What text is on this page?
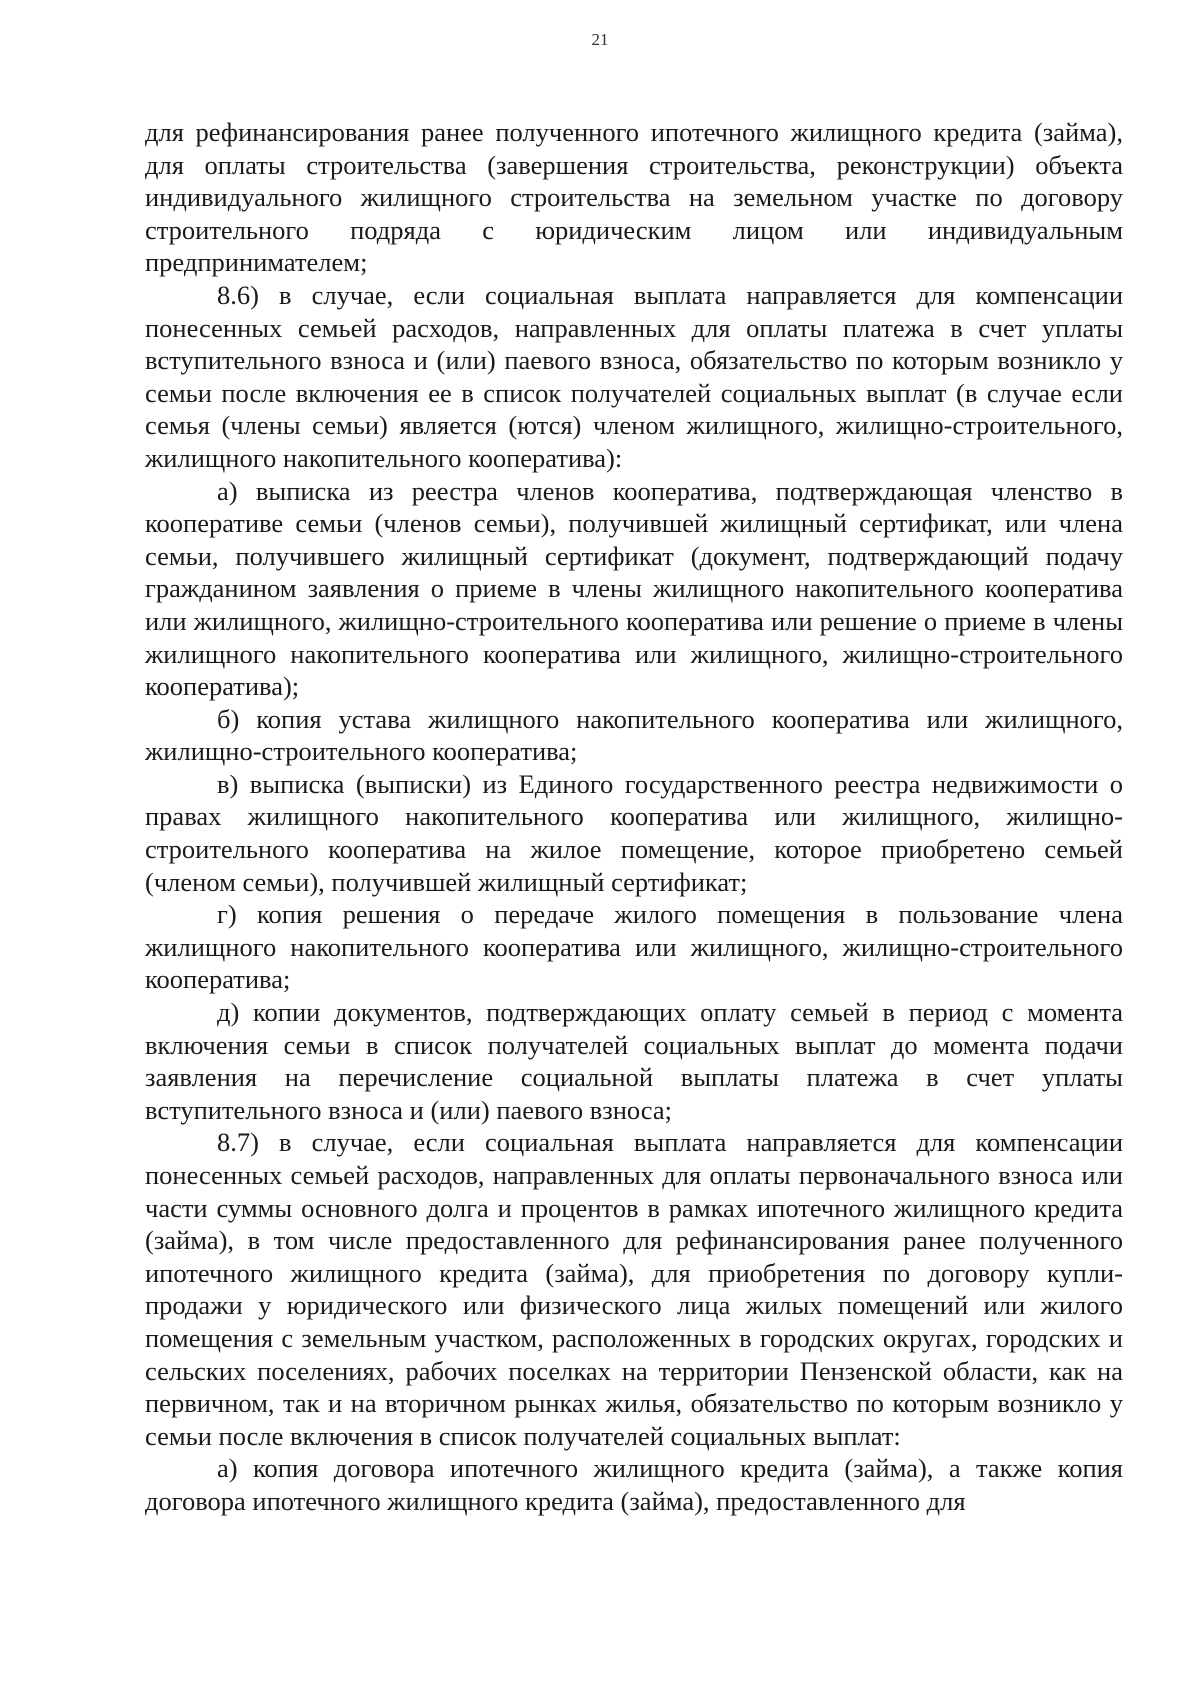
21

для рефинансирования ранее полученного ипотечного жилищного кредита (займа), для оплаты строительства (завершения строительства, реконструкции) объекта индивидуального жилищного строительства на земельном участке по договору строительного подряда с юридическим лицом или индивидуальным предпринимателем;

8.6) в случае, если социальная выплата направляется для компенсации понесенных семьей расходов, направленных для оплаты платежа в счет уплаты вступительного взноса и (или) паевого взноса, обязательство по которым возникло у семьи после включения ее в список получателей социальных выплат (в случае если семья (члены семьи) является (ются) членом жилищного, жилищно-строительного, жилищного накопительного кооператива):

а) выписка из реестра членов кооператива, подтверждающая членство в кооперативе семьи (членов семьи), получившей жилищный сертификат, или члена семьи, получившего жилищный сертификат (документ, подтверждающий подачу гражданином заявления о приеме в члены жилищного накопительного кооператива или жилищного, жилищно-строительного кооператива или решение о приеме в члены жилищного накопительного кооператива или жилищного, жилищно-строительного кооператива);

б) копия устава жилищного накопительного кооператива или жилищного, жилищно-строительного кооператива;

в) выписка (выписки) из Единого государственного реестра недвижимости о правах жилищного накопительного кооператива или жилищного, жилищно-строительного кооператива на жилое помещение, которое приобретено семьей (членом семьи), получившей жилищный сертификат;

г) копия решения о передаче жилого помещения в пользование члена жилищного накопительного кооператива или жилищного, жилищно-строительного кооператива;

д) копии документов, подтверждающих оплату семьей в период с момента включения семьи в список получателей социальных выплат до момента подачи заявления на перечисление социальной выплаты платежа в счет уплаты вступительного взноса и (или) паевого взноса;

8.7) в случае, если социальная выплата направляется для компенсации понесенных семьей расходов, направленных для оплаты первоначального взноса или части суммы основного долга и процентов в рамках ипотечного жилищного кредита (займа), в том числе предоставленного для рефинансирования ранее полученного ипотечного жилищного кредита (займа), для приобретения по договору купли-продажи у юридического или физического лица жилых помещений или жилого помещения с земельным участком, расположенных в городских округах, городских и сельских поселениях, рабочих поселках на территории Пензенской области, как на первичном, так и на вторичном рынках жилья, обязательство по которым возникло у семьи после включения в список получателей социальных выплат:

а) копия договора ипотечного жилищного кредита (займа), а также копия договора ипотечного жилищного кредита (займа), предоставленного для
